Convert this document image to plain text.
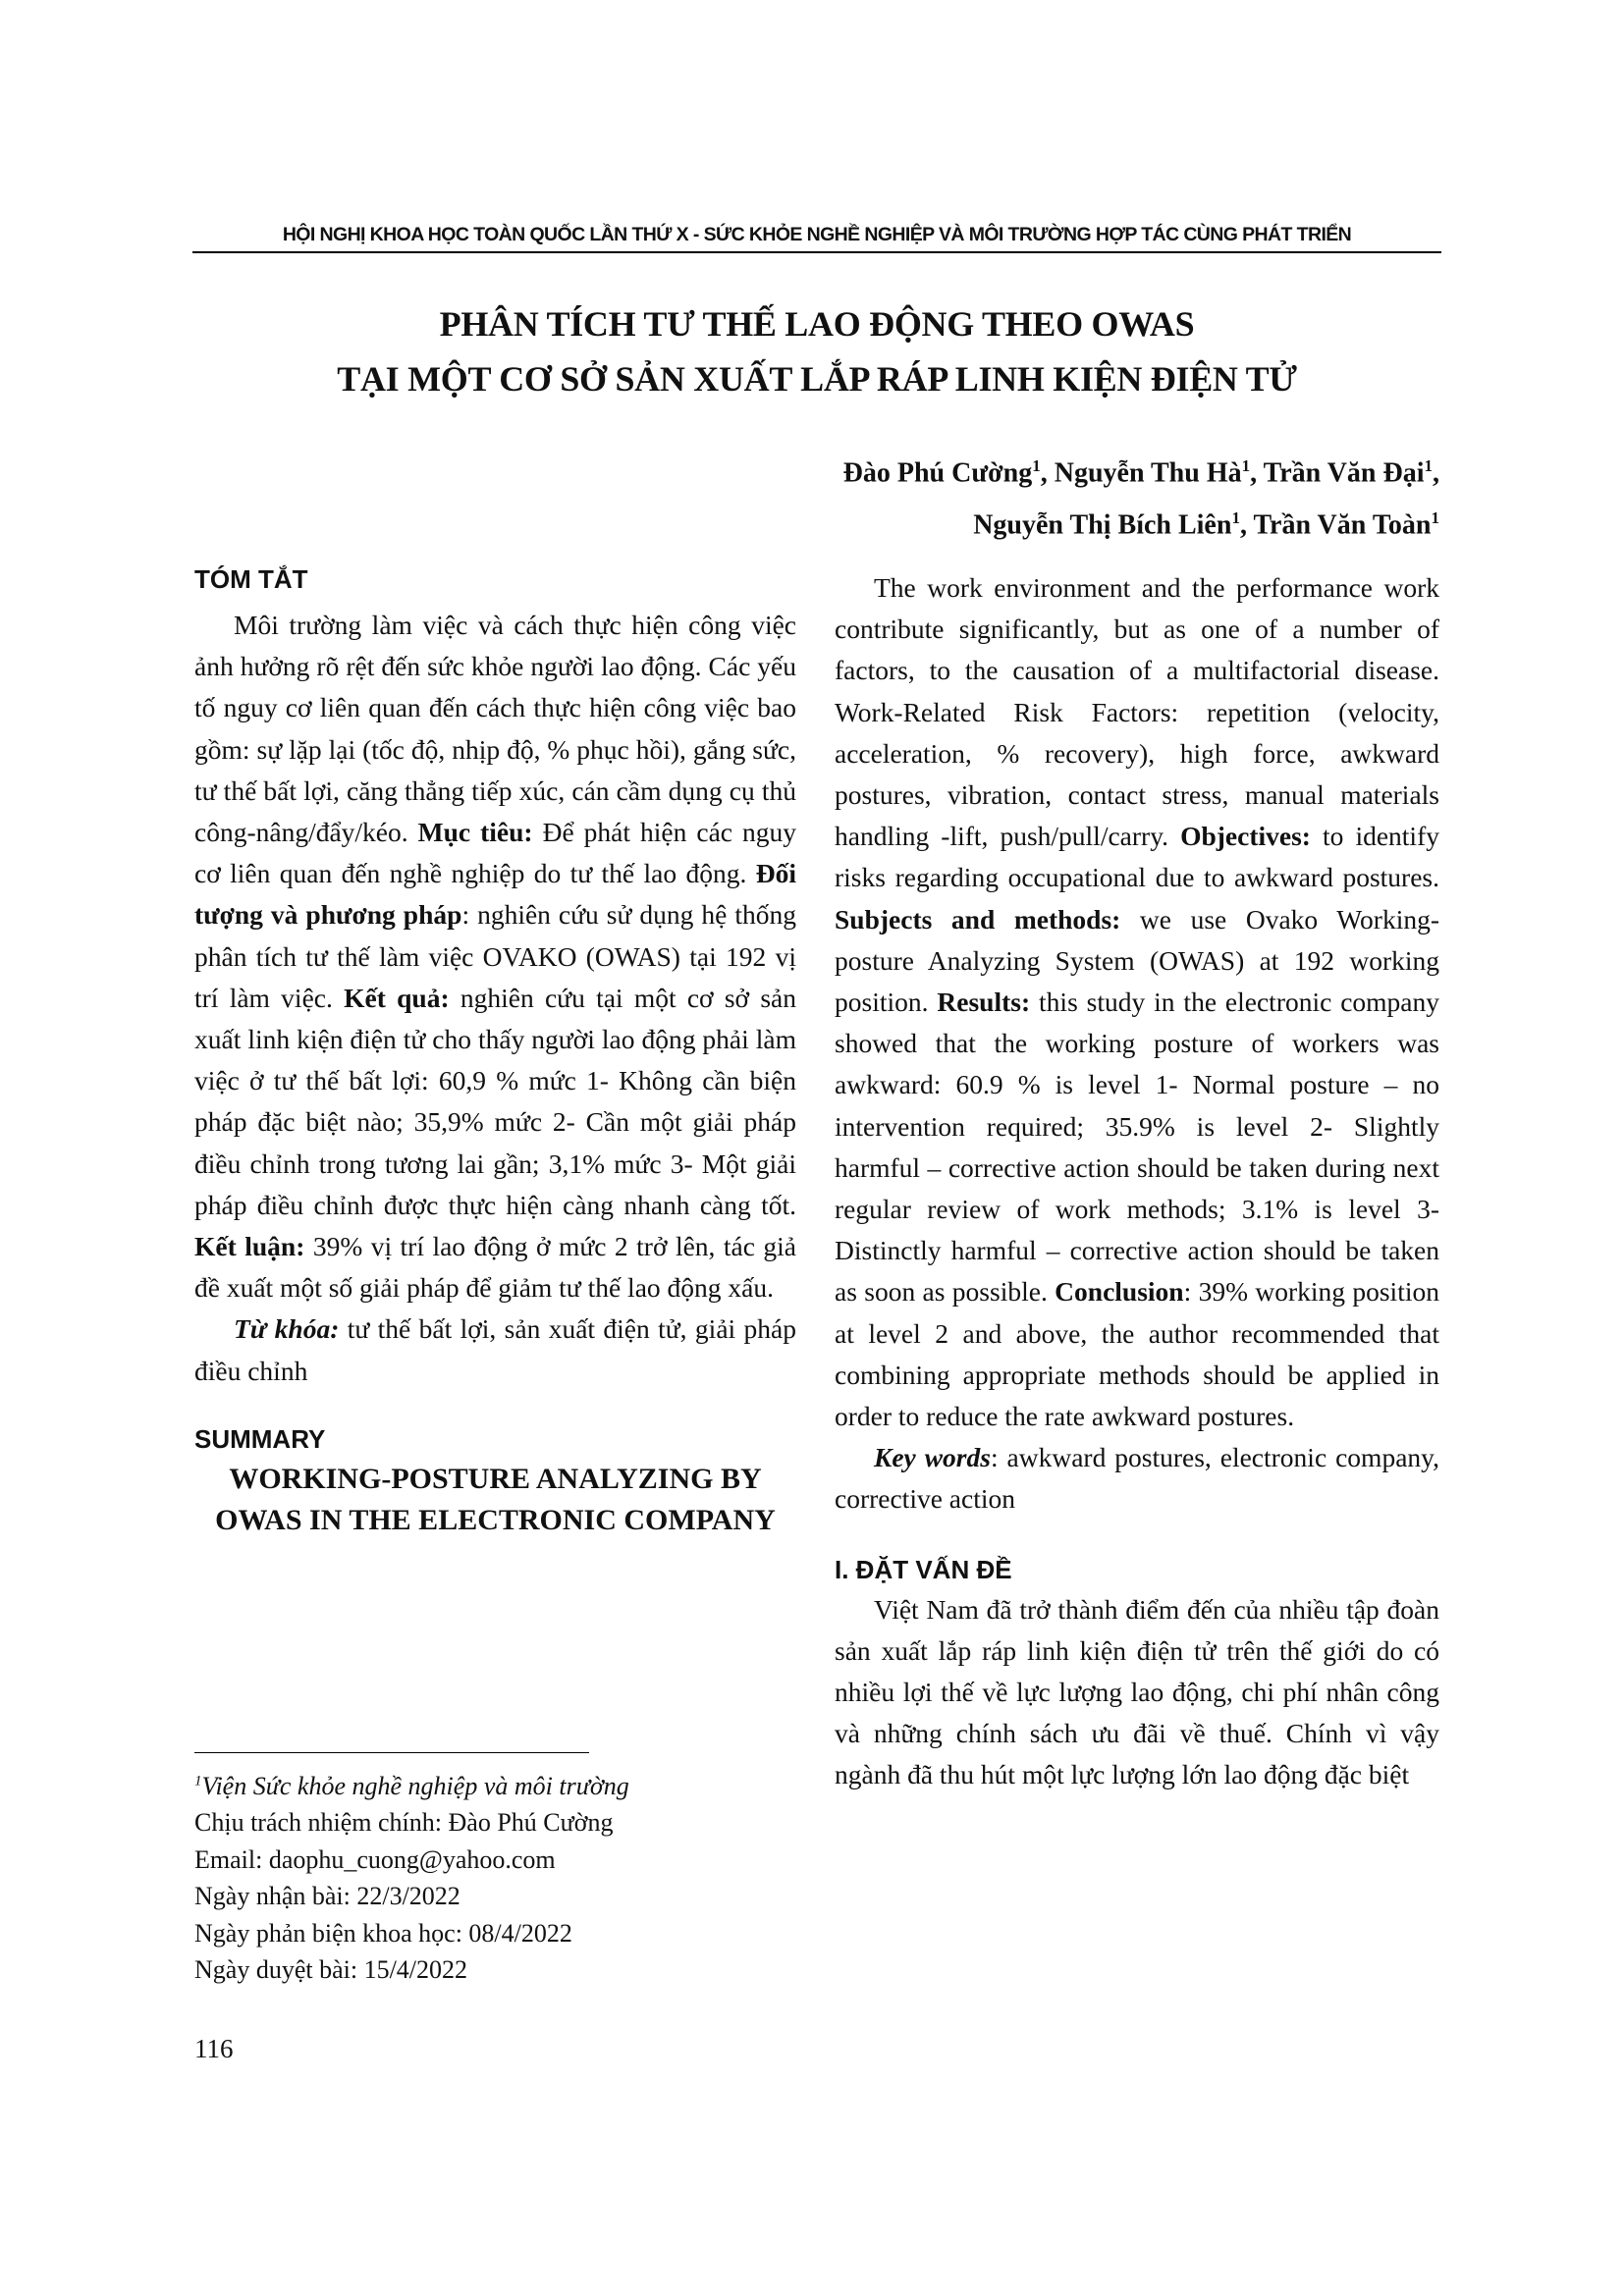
HỘI NGHỊ KHOA HỌC TOÀN QUỐC LẦN THỨ X - SỨC KHỎE NGHỀ NGHIỆP VÀ MÔI TRƯỜNG HỢP TÁC CÙNG PHÁT TRIỂN
PHÂN TÍCH TƯ THẾ LAO ĐỘNG THEO OWAS
TẠI MỘT CƠ SỞ SẢN XUẤT LẮP RÁP LINH KIỆN ĐIỆN TỬ
Đào Phú Cường$^1$, Nguyễn Thu $Hà^1$, Trần Văn Đại$^1$,
Nguyễn Thị Bích Liên$^1$, Trần Văn Toàn$^1$
TÓM TẮT

Môi trường làm việc và cách thực hiện công việc ảnh hưởng rõ rệt đến sức khỏe người lao động. Các yếu tố nguy cơ liên quan đến cách thực hiện công việc bao gồm: sự lặp lại (tốc độ, nhịp độ, % phục hồi), gắng sức, tư thế bất lợi, căng thẳng tiếp xúc, cán cầm dụng cụ thủ công-nâng/đẩy/kéo. Mục tiêu: Để phát hiện các nguy cơ liên quan đến nghề nghiệp do tư thế lao động. Đối tượng và phương pháp: nghiên cứu sử dụng hệ thống phân tích tư thế làm việc OVAKO (OWAS) tại 192 vị trí làm việc. Kết quả: nghiên cứu tại một cơ sở sản xuất linh kiện điện tử cho thấy người lao động phải làm việc ở tư thế bất lợi: 60,9 % mức 1- Không cần biện pháp đặc biệt nào; 35,9% mức 2- Cần một giải pháp điều chỉnh trong tương lai gần; 3,1% mức 3- Một giải pháp điều chỉnh được thực hiện càng nhanh càng tốt. Kết luận: 39% vị trí lao động ở mức 2 trở lên, tác giả đề xuất một số giải pháp để giảm tư thế lao động xấu.

Từ khóa: tư thế bất lợi, sản xuất điện tử, giải pháp điều chỉnh

SUMMARY
WORKING-POSTURE ANALYZING BY OWAS IN THE ELECTRONIC COMPANY
$^1$Viện Sức khỏe nghề nghiệp và môi trường
Chịu trách nhiệm chính: Đào Phú Cường
Email: daophu_cuong@yahoo.com
Ngày nhận bài: 22/3/2022
Ngày phản biện khoa học: 08/4/2022
Ngày duyệt bài: 15/4/2022
116

The work environment and the performance work contribute significantly, but as one of a number of factors, to the causation of a multifactorial disease. Work-Related Risk Factors: repetition (velocity, acceleration, % recovery), high force, awkward postures, vibration, contact stress, manual materials handling -lift, push/pull/carry. Objectives: to identify risks regarding occupational due to awkward postures. Subjects and methods: we use Ovako Working-posture Analyzing System (OWAS) at 192 working position. Results: this study in the electronic company showed that the working posture of workers was awkward: 60.9 % is level 1- Normal posture – no intervention required; 35.9% is level 2- Slightly harmful – corrective action should be taken during next regular review of work methods; 3.1% is level 3- Distinctly harmful – corrective action should be taken as soon as possible. Conclusion: 39% working position at level 2 and above, the author recommended that combining appropriate methods should be applied in order to reduce the rate awkward postures.

Key words: awkward postures, electronic company, corrective action

I. ĐẶT VẤN ĐỀ

Việt Nam đã trở thành điểm đến của nhiều tập đoàn sản xuất lắp ráp linh kiện điện tử trên thế giới do có nhiều lợi thế về lực lượng lao động, chi phí nhân công và những chính sách ưu đãi về thuế. Chính vì vậy ngành đã thu hút một lực lượng lớn lao động đặc biệt
